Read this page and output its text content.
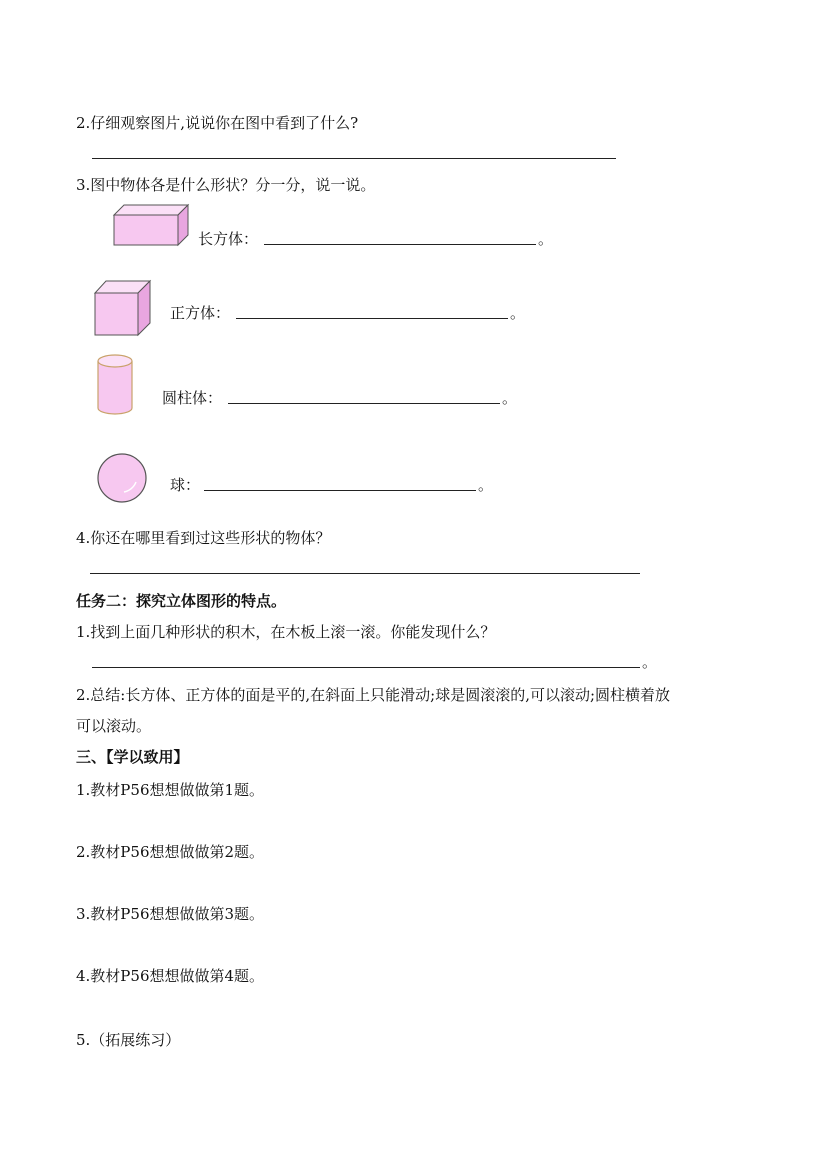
2.仔细观察图片,说说你在图中看到了什么?
3.图中物体各是什么形状？分一分，说一说。
长方体：	。
正方体：	。
圆柱体：	。
球：	。
4.你还在哪里看到过这些形状的物体？
任务二：探究立体图形的特点。
1.找到上面几种形状的积木，在木板上滚一滚。你能发现什么？
。
2.总结:长方体、正方体的面是平的,在斜面上只能滑动;球是圆滚滚的,可以滚动;圆柱横着放
可以滚动。
三、【学以致用】
1.教材P56想想做做第1题。
2.教材P56想想做做第2题。
3.教材P56想想做做第3题。
4.教材P56想想做做第4题。
5.（拓展练习）
